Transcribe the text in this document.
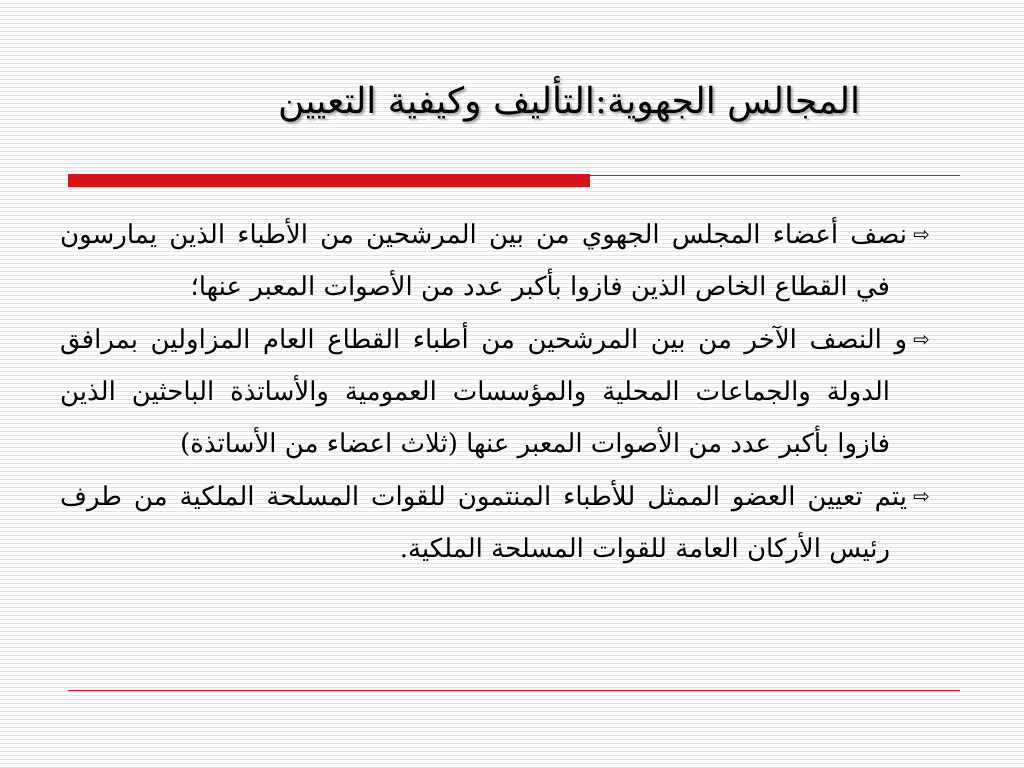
المجالس الجهوية:التأليف وكيفية التعيين

⇨نصف أعضاء المجلس الجهوي من بين المرشحين من الأطباء الذين يمارسون في القطاع الخاص الذين فازوا بأكبر عدد من الأصوات المعبر عنها؛

⇨و النصف الآخر من بين المرشحين من أطباء القطاع العام المزاولين بمرافق الدولة والجماعات المحلية والمؤسسات العمومية والأساتذة الباحثين الذين فازوا بأكبر عدد من الأصوات المعبر عنها (ثلاث اعضاء من الأساتذة)

⇨يتم تعيين العضو الممثل للأطباء المنتمون للقوات المسلحة الملكية من طرف رئيس الأركان العامة للقوات المسلحة الملكية.
